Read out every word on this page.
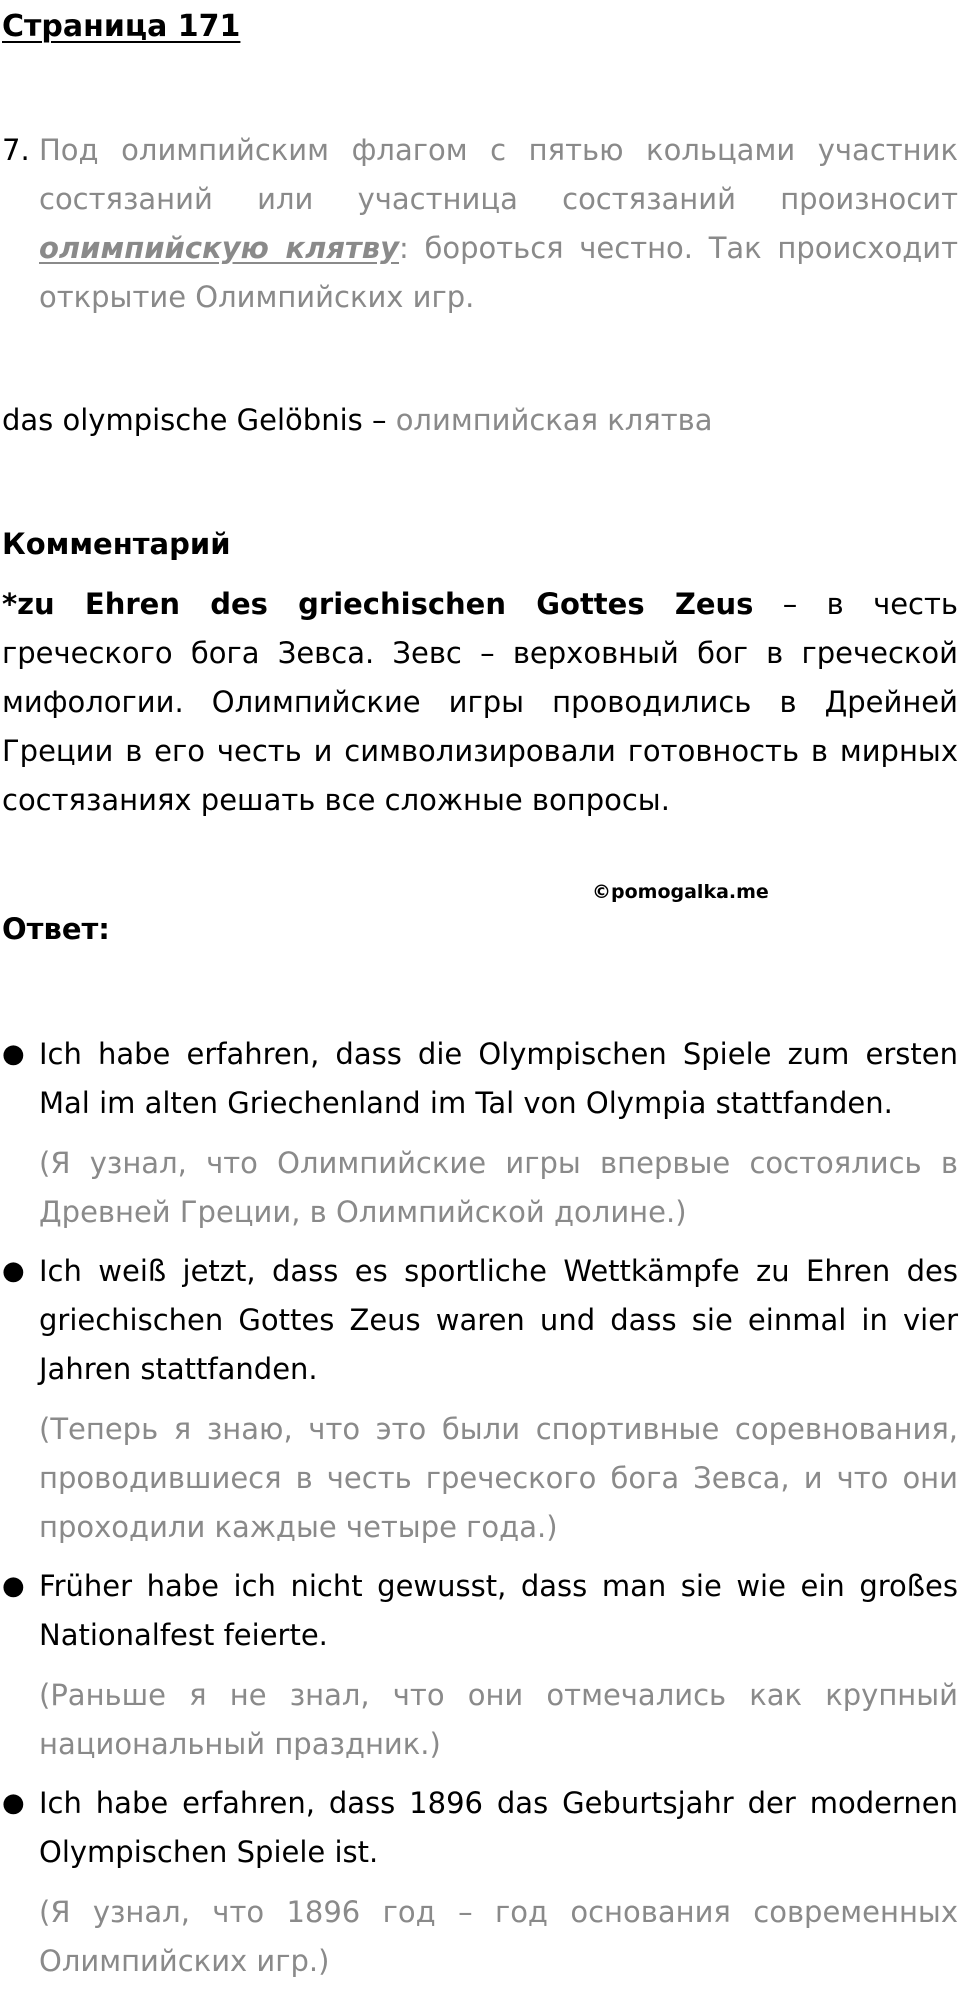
Страница 171
7. Под олимпийским флагом с пятью кольцами участник состязаний или участница состязаний произносит олимпийскую клятву: бороться честно. Так происходит открытие Олимпийских игр.
das olympische Gelöbnis – олимпийская клятва
Комментарий
*zu Ehren des griechischen Gottes Zeus – в честь греческого бога Зевса. Зевс – верховный бог в греческой мифологии. Олимпийские игры проводились в Дрейней Греции в его честь и символизировали готовность в мирных состязаниях решать все сложные вопросы.
©pomogalka.me
Ответ:
● Ich habe erfahren, dass die Olympischen Spiele zum ersten Mal im alten Griechenland im Tal von Olympia stattfanden.
(Я узнал, что Олимпийские игры впервые состоялись в Древней Греции, в Олимпийской долине.)
● Ich weiß jetzt, dass es sportliche Wettkämpfe zu Ehren des griechischen Gottes Zeus waren und dass sie einmal in vier Jahren stattfanden.
(Теперь я знаю, что это были спортивные соревнования, проводившиеся в честь греческого бога Зевса, и что они проходили каждые четыре года.)
● Früher habe ich nicht gewusst, dass man sie wie ein großes Nationalfest feierte.
(Раньше я не знал, что они отмечались как крупный национальный праздник.)
● Ich habe erfahren, dass 1896 das Geburtsjahr der modernen Olympischen Spiele ist.
(Я узнал, что 1896 год – год основания современных Олимпийских игр.)
